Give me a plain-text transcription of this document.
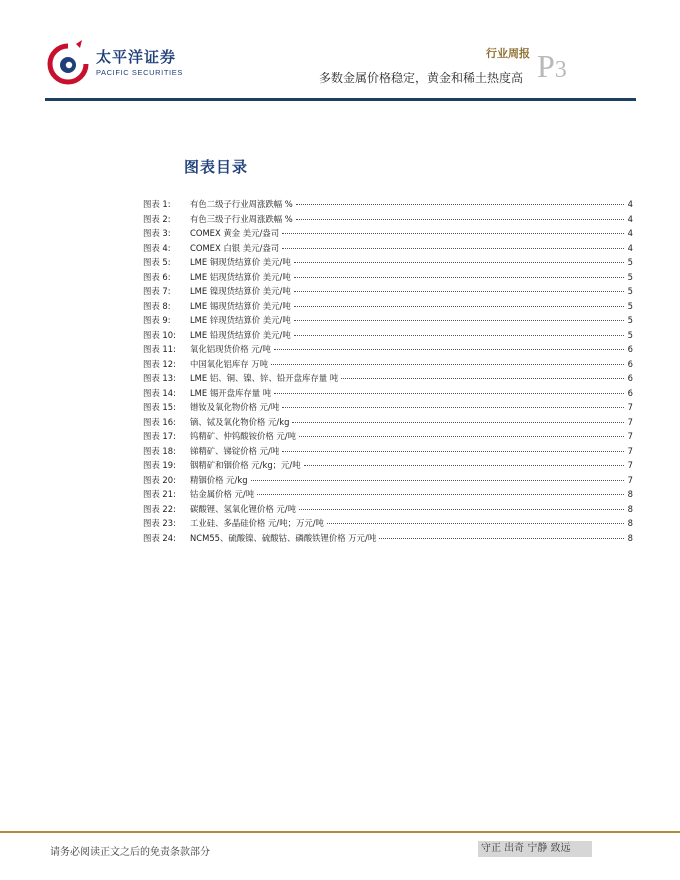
太平洋证券
PACIFIC SECURITIES
行业周报
多数金属价格稳定，黄金和稀土热度高 P3
图表目录
图表 1:	有色二级子行业周涨跌幅 %	4
图表 2:	有色三级子行业周涨跌幅 %	4
图表 3:	COMEX 黄金 美元/盎司	4
图表 4:	COMEX 白银 美元/盎司	4
图表 5:	LME 铜现货结算价 美元/吨	5
图表 6:	LME 铝现货结算价 美元/吨	5
图表 7:	LME 镍现货结算价 美元/吨	5
图表 8:	LME 锡现货结算价 美元/吨	5
图表 9:	LME 锌现货结算价 美元/吨	5
图表 10:	LME 铅现货结算价 美元/吨	5
图表 11:	氧化铝现货价格 元/吨	6
图表 12:	中国氧化铝库存 万吨	6
图表 13:	LME 铝、铜、镍、锌、铅开盘库存量 吨	6
图表 14:	LME 锡开盘库存量 吨	6
图表 15:	镨钕及氧化物价格 元/吨	7
图表 16:	镝、铽及氧化物价格 元/kg	7
图表 17:	钨精矿、仲钨酸铵价格 元/吨	7
图表 18:	锑精矿、锑锭价格 元/吨	7
图表 19:	铟精矿和铟价格 元/kg；元/吨	7
图表 20:	精铟价格 元/kg	7
图表 21:	钴金属价格 元/吨	8
图表 22:	碳酸锂、氢氧化锂价格 元/吨	8
图表 23:	工业硅、多晶硅价格 元/吨；万元/吨	8
图表 24:	NCM55、硫酸镍、硫酸钴、磷酸铁锂价格 万元/吨	8
请务必阅读正文之后的免责条款部分	守正 出奇 宁静 致远
